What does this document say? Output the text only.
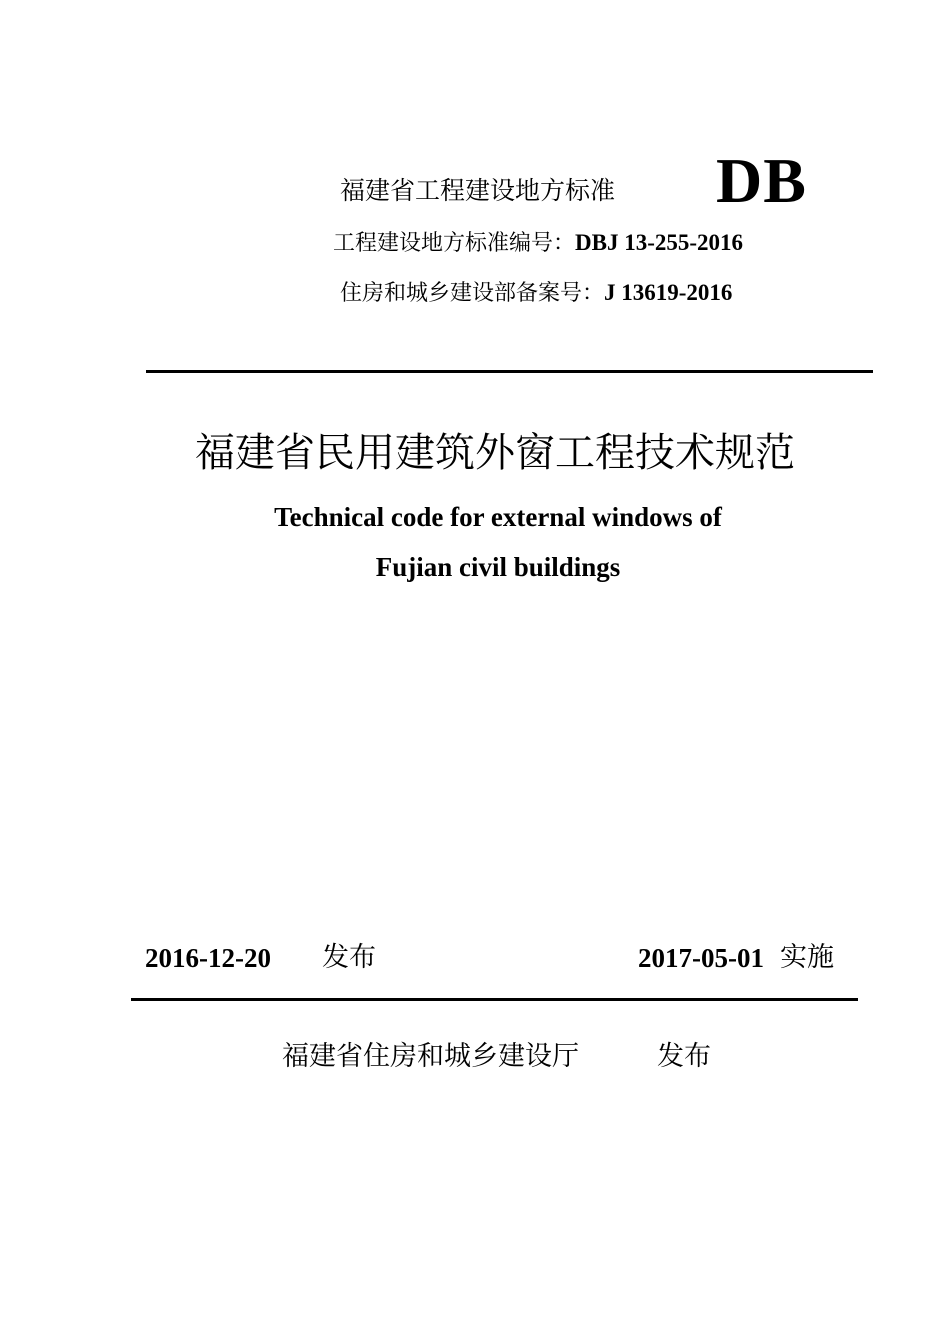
福建省工程建设地方标准 DB
工程建设地方标准编号：DBJ 13-255-2016
住房和城乡建设部备案号：J 13619-2016
福建省民用建筑外窗工程技术规范
Technical code for external windows of
Fujian civil buildings
2016-12-20 发布	2017-05-01 实施
福建省住房和城乡建设厅	发布
